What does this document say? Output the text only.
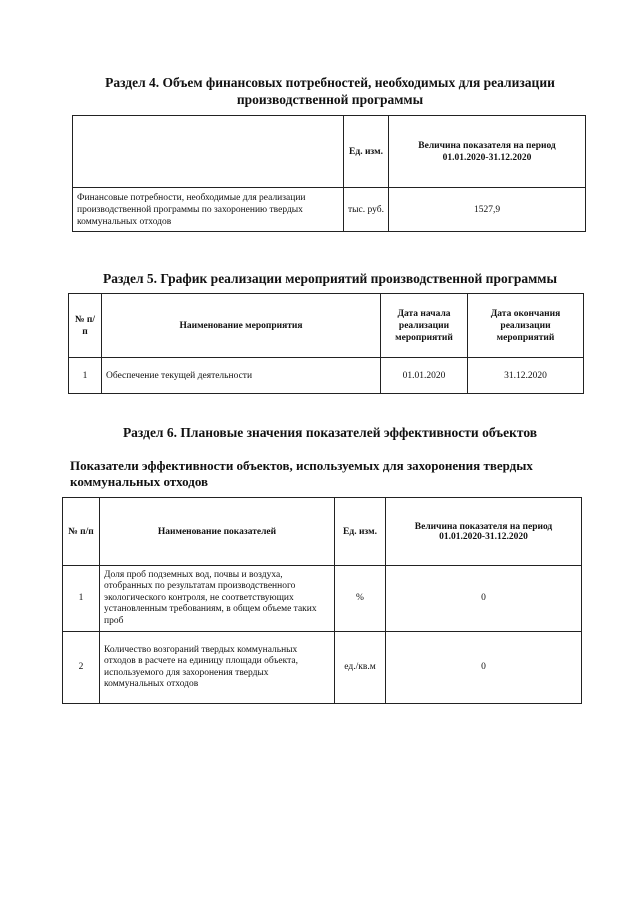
Раздел 4. Объем финансовых потребностей, необходимых для реализации
производственной программы
	Ед. изм.	Величина показателя на период
01.01.2020-31.12.2020

Финансовые потребности, необходимые для реализации производственной программы по захоронению твердых коммунальных отходов	тыс. руб.	1527,9
Раздел 5. График реализации мероприятий производственной программы
№ п/п	Наименование мероприятия	Дата начала реализации мероприятий	Дата окончания реализации мероприятий
1	Обеспечение текущей деятельности	01.01.2020	31.12.2020
Раздел 6. Плановые значения показателей эффективности объектов
Показатели эффективности объектов, используемых для захоронения твердых
коммунальных отходов
№ п/п	Наименование показателей	Ед. изм.	Величина показателя на период
01.01.2020-31.12.2020

1	Доля проб подземных вод, почвы и воздуха, отобранных по результатам производственного экологического контроля, не соответствующих установленным требованиям, в общем объеме таких проб	%	0
2	Количество возгораний твердых коммунальных отходов в расчете на единицу площади объекта, используемого для захоронения твердых коммунальных отходов	ед./кв.м	0
